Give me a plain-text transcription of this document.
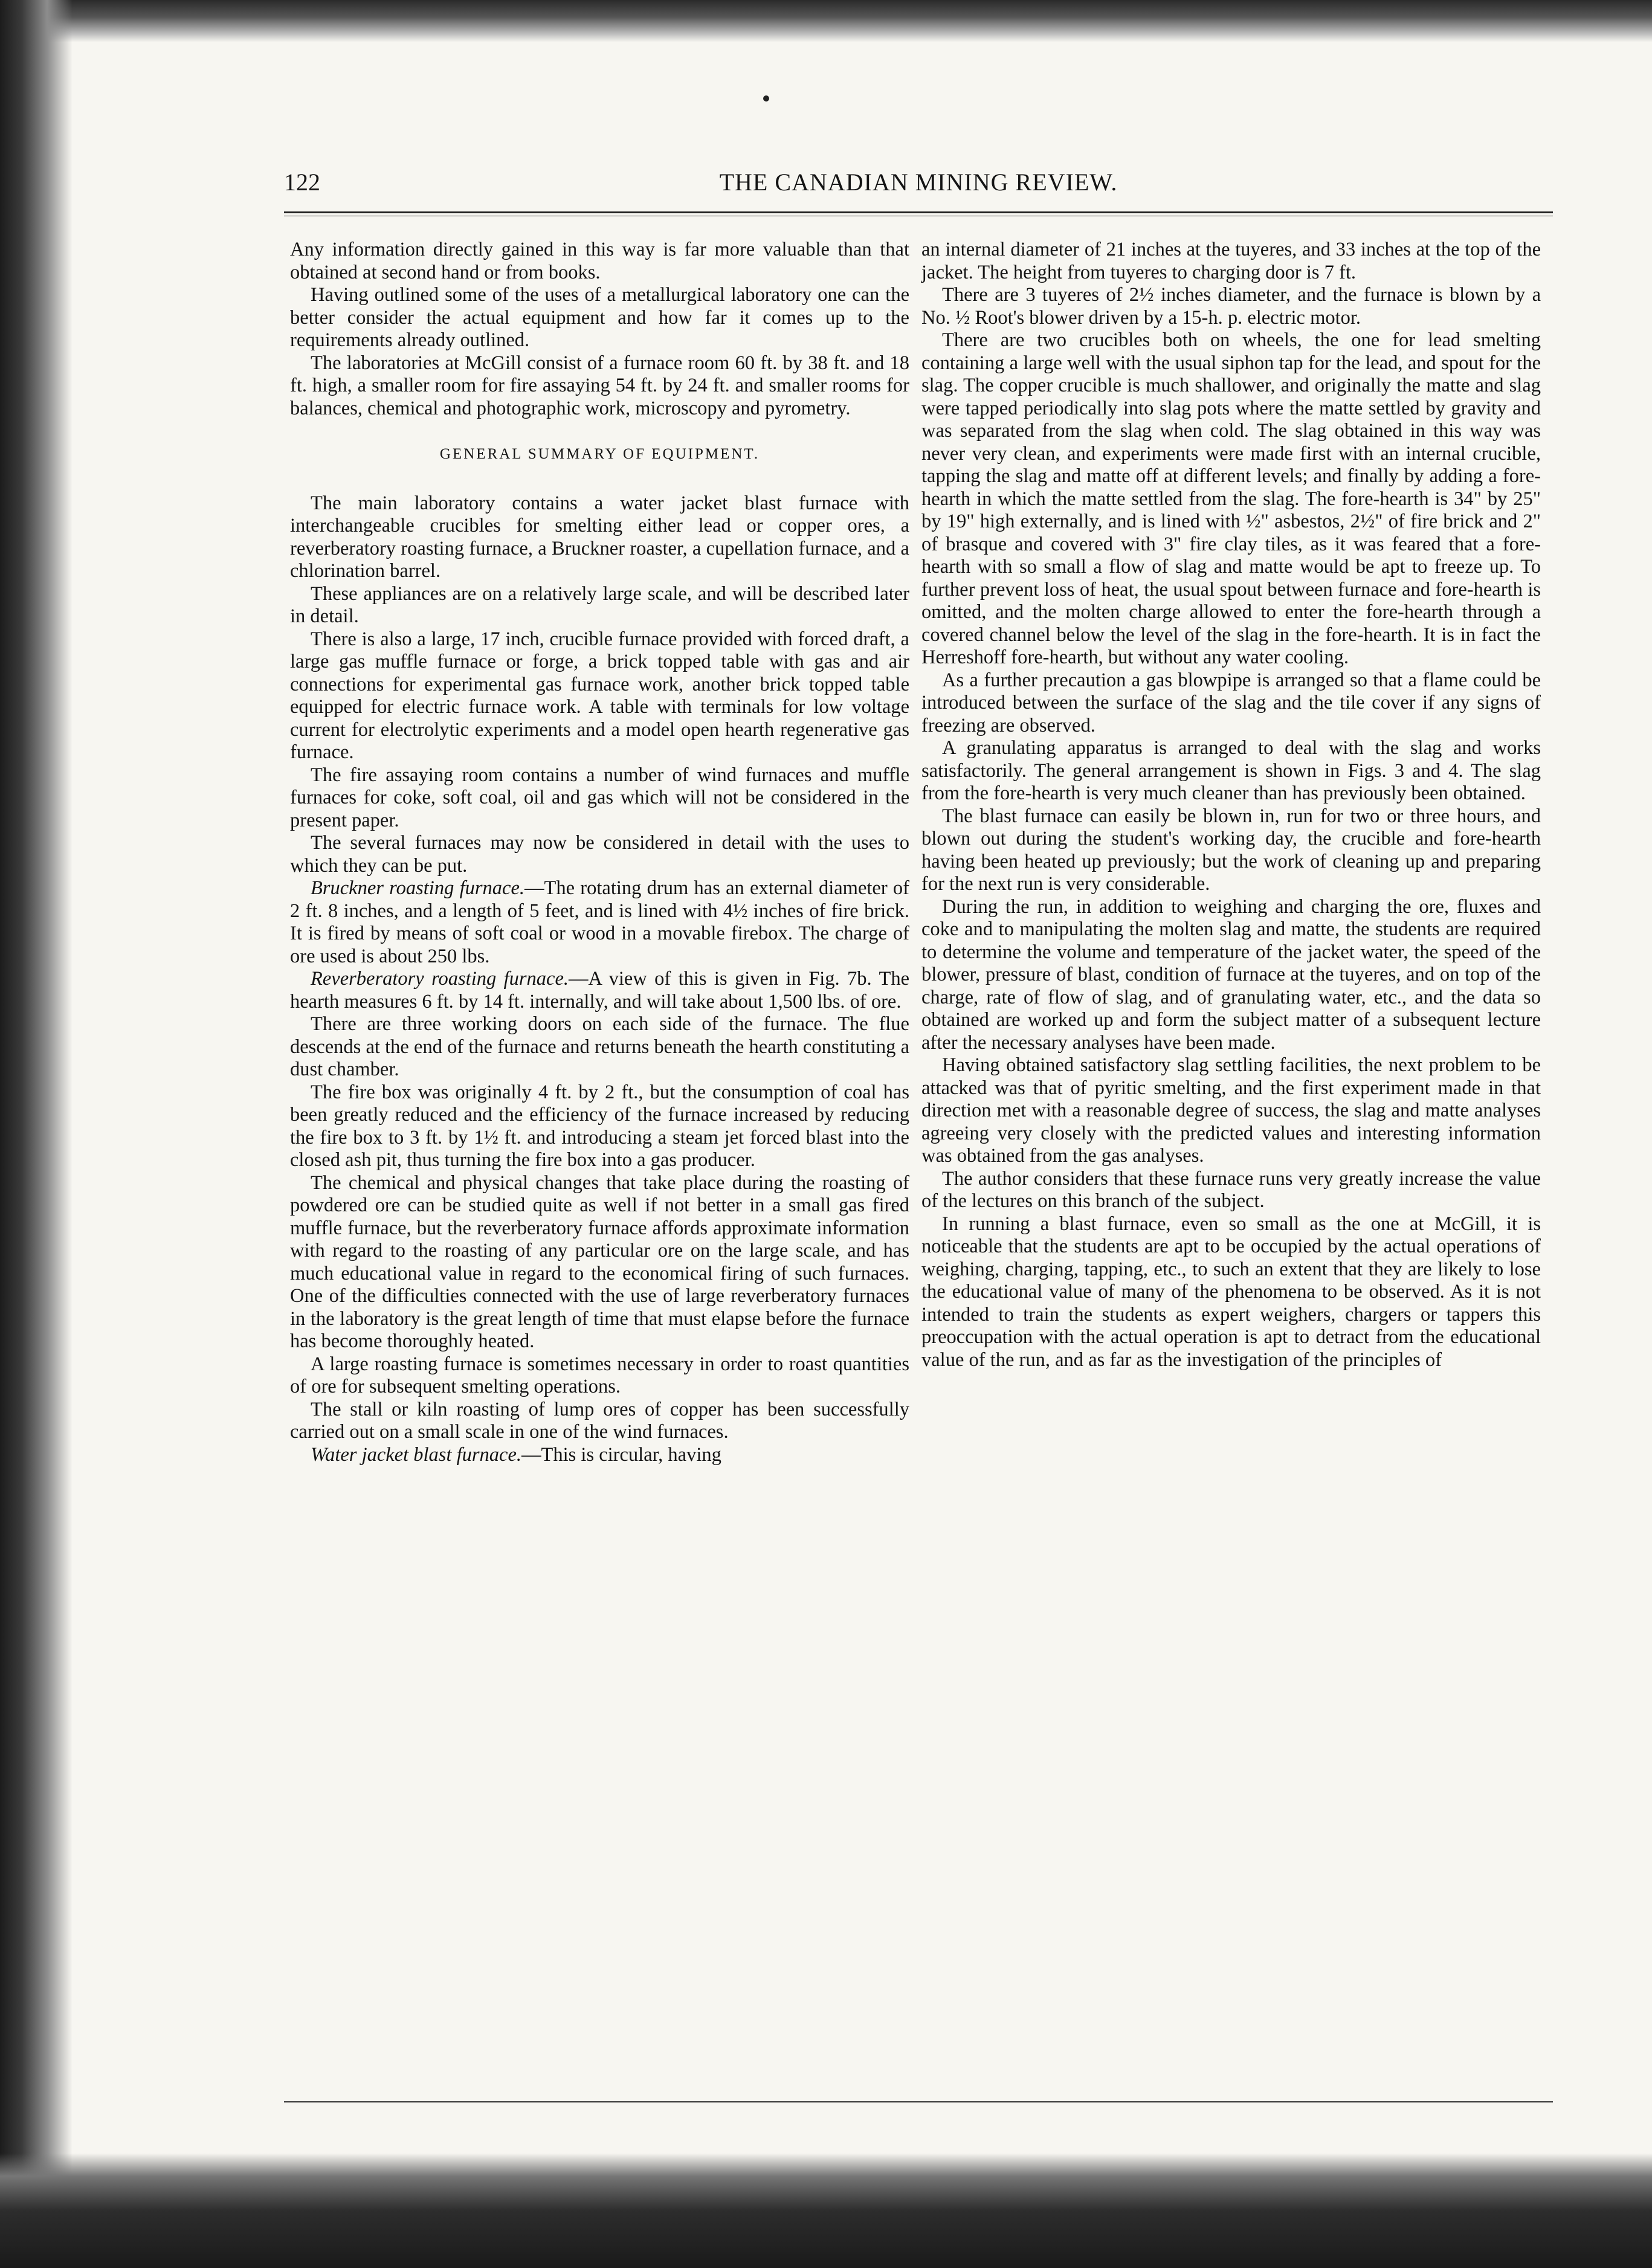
122	THE CANADIAN MINING REVIEW.

Any information directly gained in this way is far more valuable than that obtained at second hand or from books.

Having outlined some of the uses of a metallurgical laboratory one can the better consider the actual equipment and how far it comes up to the requirements already outlined.

The laboratories at McGill consist of a furnace room 60 ft. by 38 ft. and 18 ft. high, a smaller room for fire assaying 54 ft. by 24 ft. and smaller rooms for balances, chemical and photographic work, microscopy and pyrometry.

GENERAL SUMMARY OF EQUIPMENT.

The main laboratory contains a water jacket blast furnace with interchangeable crucibles for smelting either lead or copper ores, a reverberatory roasting furnace, a Bruckner roaster, a cupellation furnace, and a chlorination barrel.

These appliances are on a relatively large scale, and will be described later in detail.

There is also a large, 17 inch, crucible furnace provided with forced draft, a large gas muffle furnace or forge, a brick topped table with gas and air connections for experimental gas furnace work, another brick topped table equipped for electric furnace work. A table with terminals for low voltage current for electrolytic experiments and a model open hearth regenerative gas furnace.

The fire assaying room contains a number of wind furnaces and muffle furnaces for coke, soft coal, oil and gas which will not be considered in the present paper.

The several furnaces may now be considered in detail with the uses to which they can be put.

Bruckner roasting furnace.—The rotating drum has an external diameter of 2 ft. 8 inches, and a length of 5 feet, and is lined with 4½ inches of fire brick. It is fired by means of soft coal or wood in a movable firebox. The charge of ore used is about 250 lbs.

Reverberatory roasting furnace.—A view of this is given in Fig. 7b. The hearth measures 6 ft. by 14 ft. internally, and will take about 1,500 lbs. of ore.

There are three working doors on each side of the furnace. The flue descends at the end of the furnace and returns beneath the hearth constituting a dust chamber.

The fire box was originally 4 ft. by 2 ft., but the consumption of coal has been greatly reduced and the efficiency of the furnace increased by reducing the fire box to 3 ft. by 1½ ft. and introducing a steam jet forced blast into the closed ash pit, thus turning the fire box into a gas producer.

The chemical and physical changes that take place during the roasting of powdered ore can be studied quite as well if not better in a small gas fired muffle furnace, but the reverberatory furnace affords approximate information with regard to the roasting of any particular ore on the large scale, and has much educational value in regard to the economical firing of such furnaces. One of the difficulties connected with the use of large reverberatory furnaces in the laboratory is the great length of time that must elapse before the furnace has become thoroughly heated.

A large roasting furnace is sometimes necessary in order to roast quantities of ore for subsequent smelting operations.

The stall or kiln roasting of lump ores of copper has been successfully carried out on a small scale in one of the wind furnaces.

Water jacket blast furnace.—This is circular, having

an internal diameter of 21 inches at the tuyeres, and 33 inches at the top of the jacket. The height from tuyeres to charging door is 7 ft.

There are 3 tuyeres of 2½ inches diameter, and the furnace is blown by a No. ½ Root's blower driven by a 15-h. p. electric motor.

There are two crucibles both on wheels, the one for lead smelting containing a large well with the usual siphon tap for the lead, and spout for the slag. The copper crucible is much shallower, and originally the matte and slag were tapped periodically into slag pots where the matte settled by gravity and was separated from the slag when cold. The slag obtained in this way was never very clean, and experiments were made first with an internal crucible, tapping the slag and matte off at different levels; and finally by adding a fore-hearth in which the matte settled from the slag. The fore-hearth is 34" by 25" by 19" high externally, and is lined with ½" asbestos, 2½" of fire brick and 2" of brasque and covered with 3" fire clay tiles, as it was feared that a fore-hearth with so small a flow of slag and matte would be apt to freeze up. To further prevent loss of heat, the usual spout between furnace and fore-hearth is omitted, and the molten charge allowed to enter the fore-hearth through a covered channel below the level of the slag in the fore-hearth. It is in fact the Herreshoff fore-hearth, but without any water cooling.

As a further precaution a gas blowpipe is arranged so that a flame could be introduced between the surface of the slag and the tile cover if any signs of freezing are observed.

A granulating apparatus is arranged to deal with the slag and works satisfactorily. The general arrangement is shown in Figs. 3 and 4. The slag from the fore-hearth is very much cleaner than has previously been obtained.

The blast furnace can easily be blown in, run for two or three hours, and blown out during the student's working day, the crucible and fore-hearth having been heated up previously; but the work of cleaning up and preparing for the next run is very considerable.

During the run, in addition to weighing and charging the ore, fluxes and coke and to manipulating the molten slag and matte, the students are required to determine the volume and temperature of the jacket water, the speed of the blower, pressure of blast, condition of furnace at the tuyeres, and on top of the charge, rate of flow of slag, and of granulating water, etc., and the data so obtained are worked up and form the subject matter of a subsequent lecture after the necessary analyses have been made.

Having obtained satisfactory slag settling facilities, the next problem to be attacked was that of pyritic smelting, and the first experiment made in that direction met with a reasonable degree of success, the slag and matte analyses agreeing very closely with the predicted values and interesting information was obtained from the gas analyses.

The author considers that these furnace runs very greatly increase the value of the lectures on this branch of the subject.

In running a blast furnace, even so small as the one at McGill, it is noticeable that the students are apt to be occupied by the actual operations of weighing, charging, tapping, etc., to such an extent that they are likely to lose the educational value of many of the phenomena to be observed. As it is not intended to train the students as expert weighers, chargers or tappers this preoccupation with the actual operation is apt to detract from the educational value of the run, and as far as the investigation of the principles of
